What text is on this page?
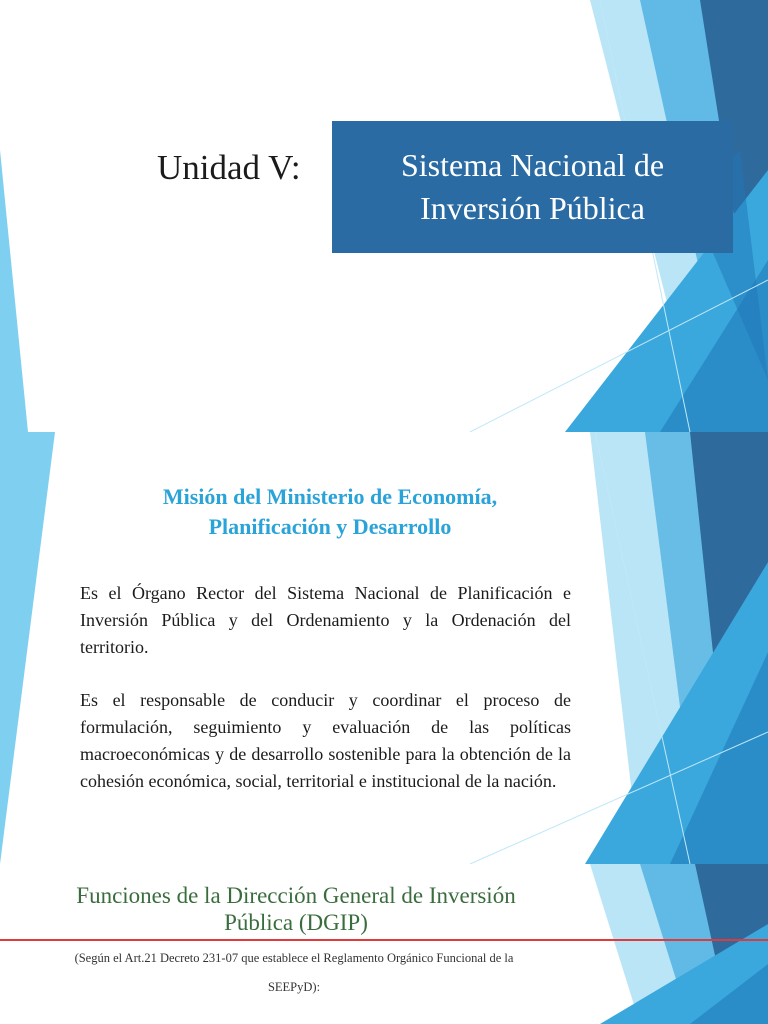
Unidad V:	Sistema Nacional de
Inversión Pública
Misión del Ministerio de Economía,
Planificación y Desarrollo

Es el Órgano Rector del Sistema Nacional de Planificación e Inversión Pública y del Ordenamiento y la Ordenación del territorio.

Es el responsable de conducir y coordinar el proceso de formulación, seguimiento y evaluación de las políticas macroeconómicas y de desarrollo sostenible para la obtención de la cohesión económica, social, territorial e institucional de la nación.

Funciones de la Dirección General de Inversión
Pública (DGIP)
(Según el Art.21 Decreto 231-07 que establece el Reglamento Orgánico Funcional de la
SEEPyD):
